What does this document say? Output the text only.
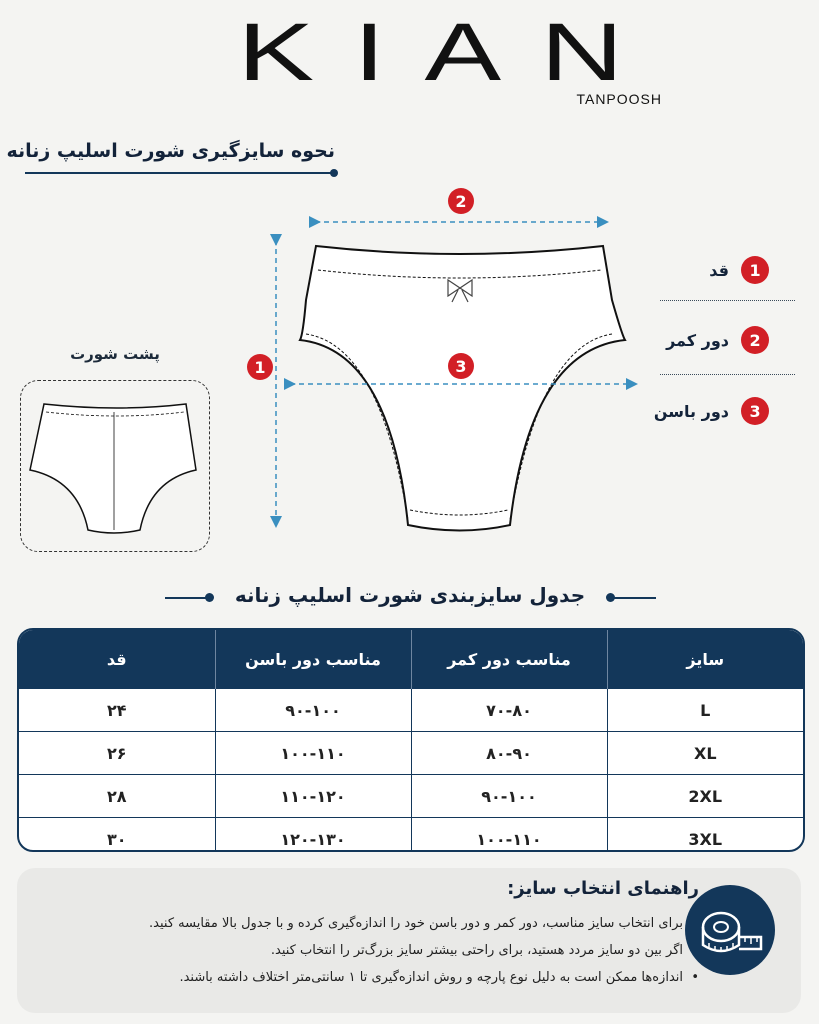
KIAN
TANPOOSH
نحوه سایزگیری شورت اسلیپ زنانه
2
3
1
پشت شورت
1
قد
2
دور کمر
3
دور باسن
جدول سایزبندی شورت اسلیپ زنانه
سایز	مناسب دور کمر	مناسب دور باسن	قد
L	۷۰-۸۰	۹۰-۱۰۰	۲۴
XL	۸۰-۹۰	۱۰۰-۱۱۰	۲۶
2XL	۹۰-۱۰۰	۱۱۰-۱۲۰	۲۸
3XL	۱۰۰-۱۱۰	۱۲۰-۱۳۰	۳۰
راهنمای انتخاب سایز:
• برای انتخاب سایز مناسب، دور کمر و دور باسن خود را اندازه‌گیری کرده و با جدول بالا مقایسه کنید.
• اگر بین دو سایز مردد هستید، برای راحتی بیشتر سایز بزرگ‌تر را انتخاب کنید.
• اندازه‌ها ممکن است به دلیل نوع پارچه و روش اندازه‌گیری تا ۱ سانتی‌متر اختلاف داشته باشند.
